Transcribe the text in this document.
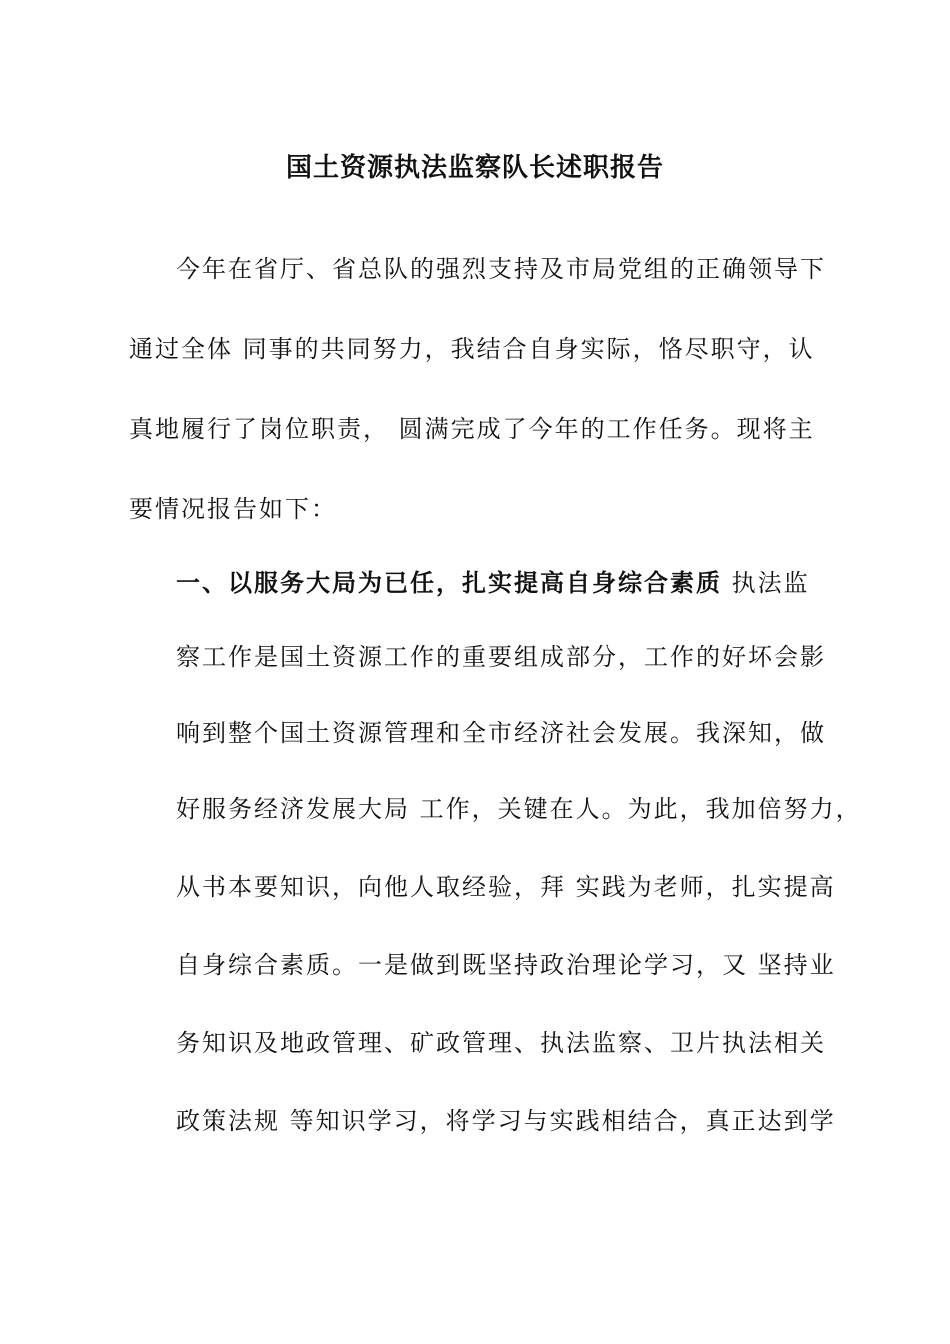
国土资源执法监察队长述职报告
今年在省厅、省总队的强烈支持及市局党组的正确领导下
通过全体 同事的共同努力，我结合自身实际，恪尽职守，认
真地履行了岗位职责， 圆满完成了今年的工作任务。现将主
要情况报告如下：
一、以服务大局为已任，扎实提高自身综合素质 执法监
察工作是国土资源工作的重要组成部分，工作的好坏会影
响到整个国土资源管理和全市经济社会发展。我深知，做
好服务经济发展大局 工作，关键在人。为此，我加倍努力，
从书本要知识，向他人取经验，拜 实践为老师，扎实提高
自身综合素质。一是做到既坚持政治理论学习，又 坚持业
务知识及地政管理、矿政管理、执法监察、卫片执法相关
政策法规 等知识学习，将学习与实践相结合，真正达到学
